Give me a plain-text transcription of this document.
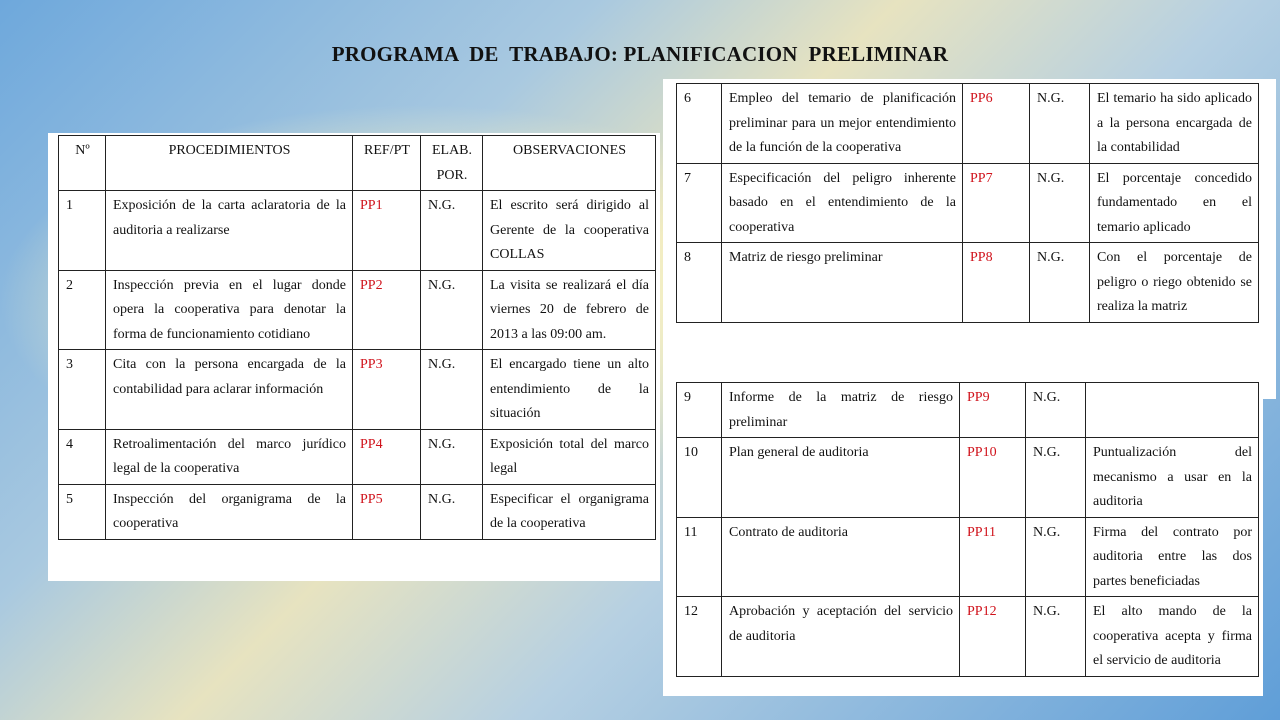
PROGRAMA  DE  TRABAJO: PLANIFICACION  PRELIMINAR
Nº	PROCEDIMIENTOS	REF/PT	ELAB. POR.	OBSERVACIONES
1	Exposición de la carta aclaratoria de la auditoria a realizarse	PP1	N.G.	El escrito será dirigido al Gerente de la cooperativa COLLAS
2	Inspección previa en el lugar donde opera la cooperativa para denotar la forma de funcionamiento cotidiano	PP2	N.G.	La visita se realizará el día viernes 20 de febrero de 2013 a las 09:00 am.
3	Cita con la persona encargada de la contabilidad para aclarar información	PP3	N.G.	El encargado tiene un alto entendimiento de la situación
4	Retroalimentación del marco jurídico legal de la cooperativa	PP4	N.G.	Exposición total del marco legal
5	Inspección del organigrama de la cooperativa	PP5	N.G.	Especificar el organigrama de la cooperativa
9	Informe de la matriz de riesgo preliminar	PP9	N.G.	
10	Plan general de auditoria	PP10	N.G.	Puntualización del mecanismo a usar en la auditoria
11	Contrato de auditoria	PP11	N.G.	Firma del contrato por auditoria entre las dos partes beneficiadas
12	Aprobación y aceptación del servicio de auditoria	PP12	N.G.	El alto mando de la cooperativa acepta y firma el servicio de auditoria
6	Empleo del temario de planificación preliminar para un mejor entendimiento de la función de la cooperativa	PP6	N.G.	El temario ha sido aplicado a la persona encargada de la contabilidad
7	Especificación del peligro inherente basado en el entendimiento de la cooperativa	PP7	N.G.	El porcentaje concedido fundamentado en el temario aplicado
8	Matriz de riesgo preliminar	PP8	N.G.	Con el porcentaje de peligro o riego obtenido se realiza la matriz
